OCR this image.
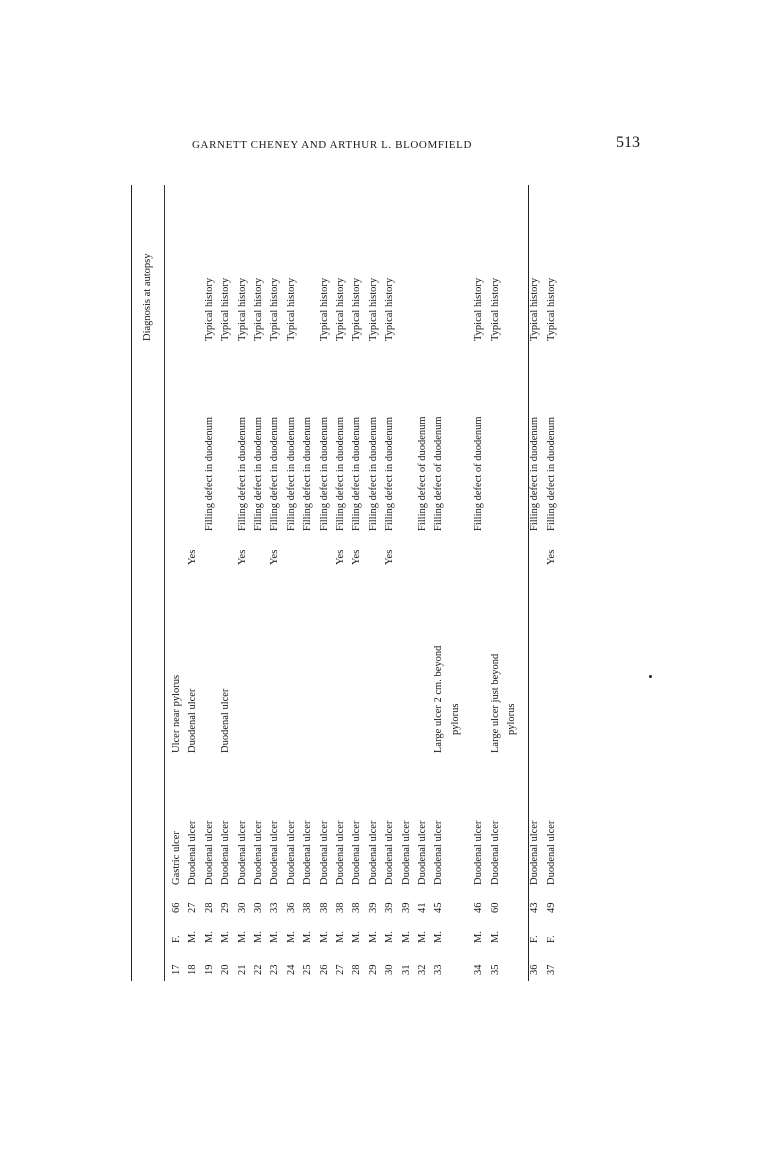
GARNETT CHENEY AND ARTHUR L. BLOOMFIELD	513
Diagnosis at autopsy
17
F.
66
Gastric ulcer
Ulcer near pylorus
18
M.
27
Duodenal ulcer
Duodenal ulcer
Yes
19
M.
28
Duodenal ulcer
Filling defect in duodenum
Typical history
20
M.
29
Duodenal ulcer
Duodenal ulcer
Typical history
21
M.
30
Duodenal ulcer
Yes
Filling defect in duodenum
Typical history
22
M.
30
Duodenal ulcer
Filling defect in duodenum
Typical history
23
M.
33
Duodenal ulcer
Yes
Filling defect in duodenum
Typical history
24
M.
36
Duodenal ulcer
Filling defect in duodenum
Typical history
25
M.
38
Duodenal ulcer
Filling defect in duodenum
26
M.
38
Duodenal ulcer
Filling defect in duodenum
Typical history
27
M.
38
Duodenal ulcer
Yes
Filling defect in duodenum
Typical history
28
M.
38
Duodenal ulcer
Yes
Filling defect in duodenum
Typical history
29
M.
39
Duodenal ulcer
Filling defect in duodenum
Typical history
30
M.
39
Duodenal ulcer
Yes
Filling defect in duodenum
Typical history
31
M.
39
Duodenal ulcer
32
M.
41
Duodenal ulcer
Filling defect of duodenum
33
M.
45
Duodenal ulcer
Large ulcer 2 cm. beyond
Filling defect of duodenum
pylorus
34
M.
46
Duodenal ulcer
Filling defect of duodenum
Typical history
35
M.
60
Duodenal ulcer
Large ulcer just beyond
Typical history
pylorus
36
F.
43
Duodenal ulcer
Filling defect in duodenum
Typical history
37
F.
49
Duodenal ulcer
Yes
Filling defect in duodenum
Typical history
